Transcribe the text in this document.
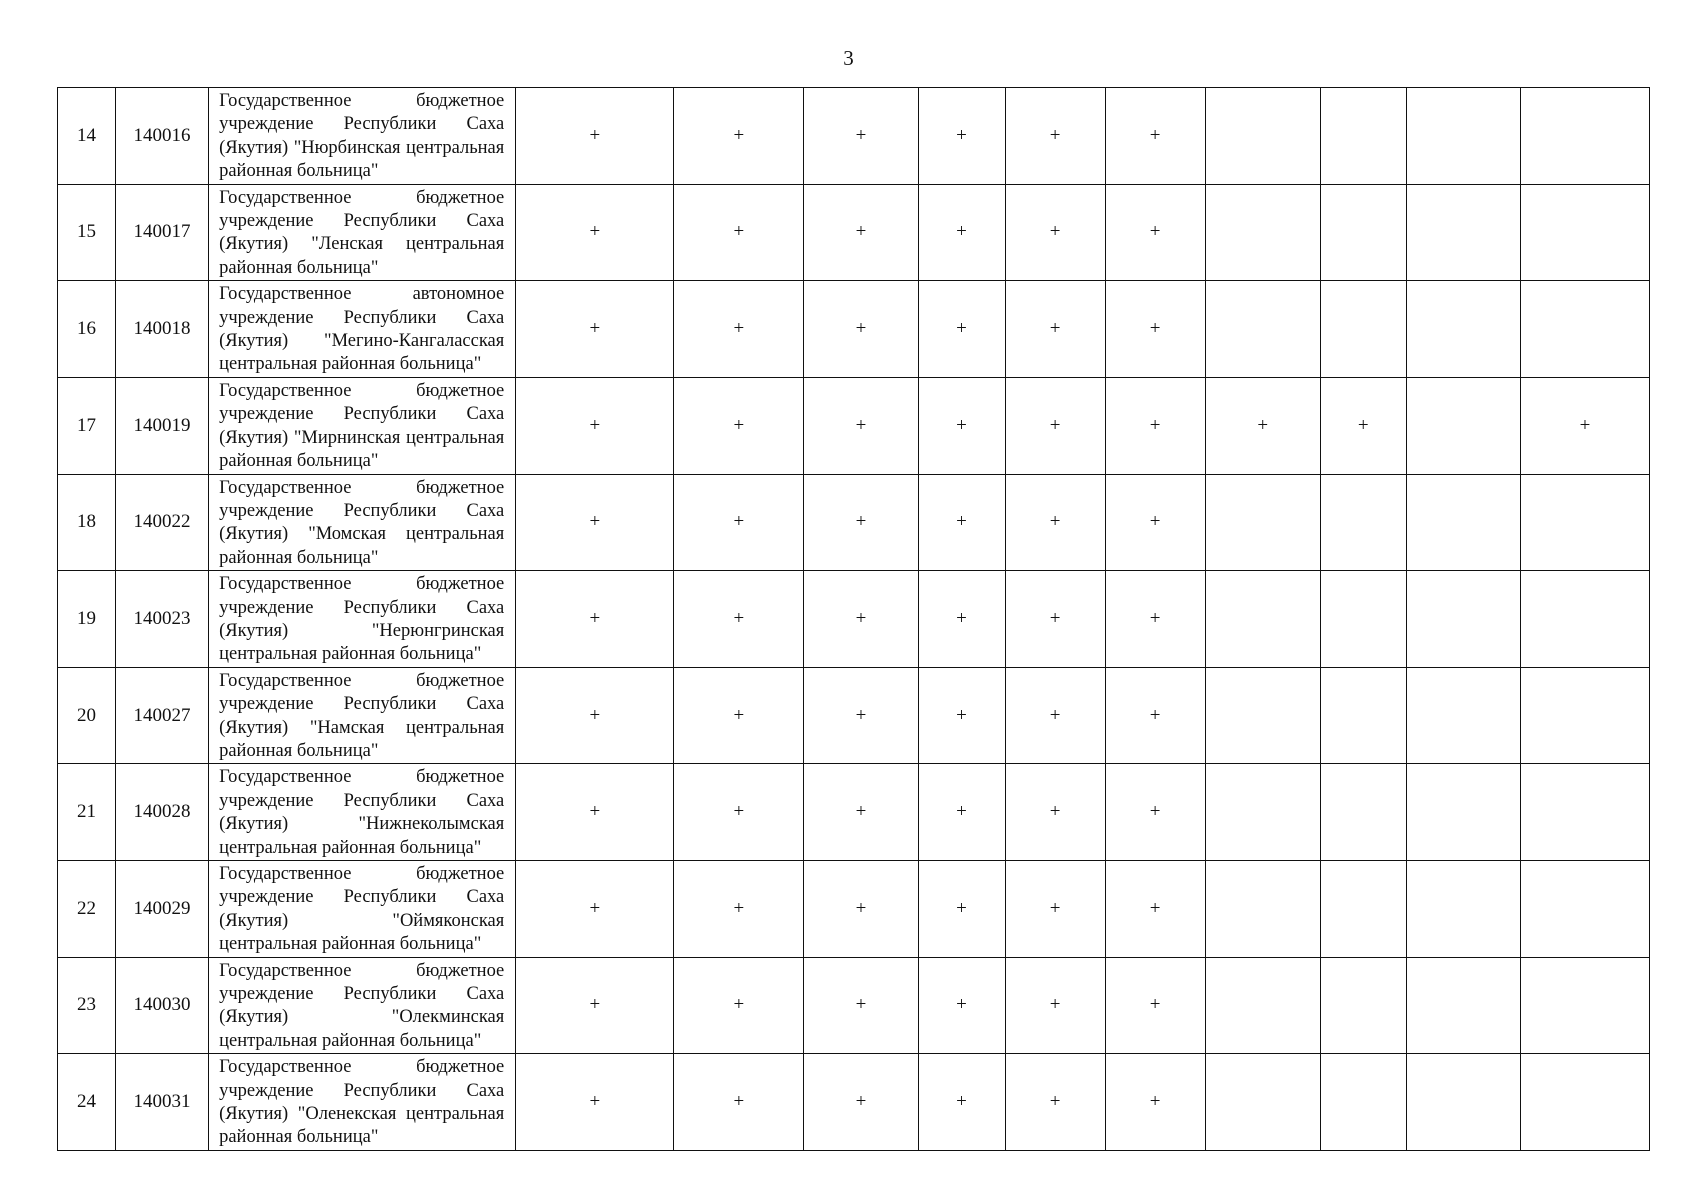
3
14	140016	Государственное бюджетное учреждение Республики Саха (Якутия) "Нюрбинская центральная районная больница"	+	+	+	+	+	+				
15	140017	Государственное бюджетное учреждение Республики Саха (Якутия) "Ленская центральная районная больница"	+	+	+	+	+	+				
16	140018	Государственное автономное учреждение Республики Саха (Якутия) "Мегино-Кангаласская центральная районная больница"	+	+	+	+	+	+				
17	140019	Государственное бюджетное учреждение Республики Саха (Якутия) "Мирнинская центральная районная больница"	+	+	+	+	+	+	+	+		+
18	140022	Государственное бюджетное учреждение Республики Саха (Якутия) "Момская центральная районная больница"	+	+	+	+	+	+				
19	140023	Государственное бюджетное учреждение Республики Саха (Якутия) "Нерюнгринская центральная районная больница"	+	+	+	+	+	+				
20	140027	Государственное бюджетное учреждение Республики Саха (Якутия) "Намская центральная районная больница"	+	+	+	+	+	+				
21	140028	Государственное бюджетное учреждение Республики Саха (Якутия) "Нижнеколымская центральная районная больница"	+	+	+	+	+	+				
22	140029	Государственное бюджетное учреждение Республики Саха (Якутия) "Оймяконская центральная районная больница"	+	+	+	+	+	+				
23	140030	Государственное бюджетное учреждение Республики Саха (Якутия) "Олекминская центральная районная больница"	+	+	+	+	+	+				
24	140031	Государственное бюджетное учреждение Республики Саха (Якутия) "Оленекская центральная районная больница"	+	+	+	+	+	+				
